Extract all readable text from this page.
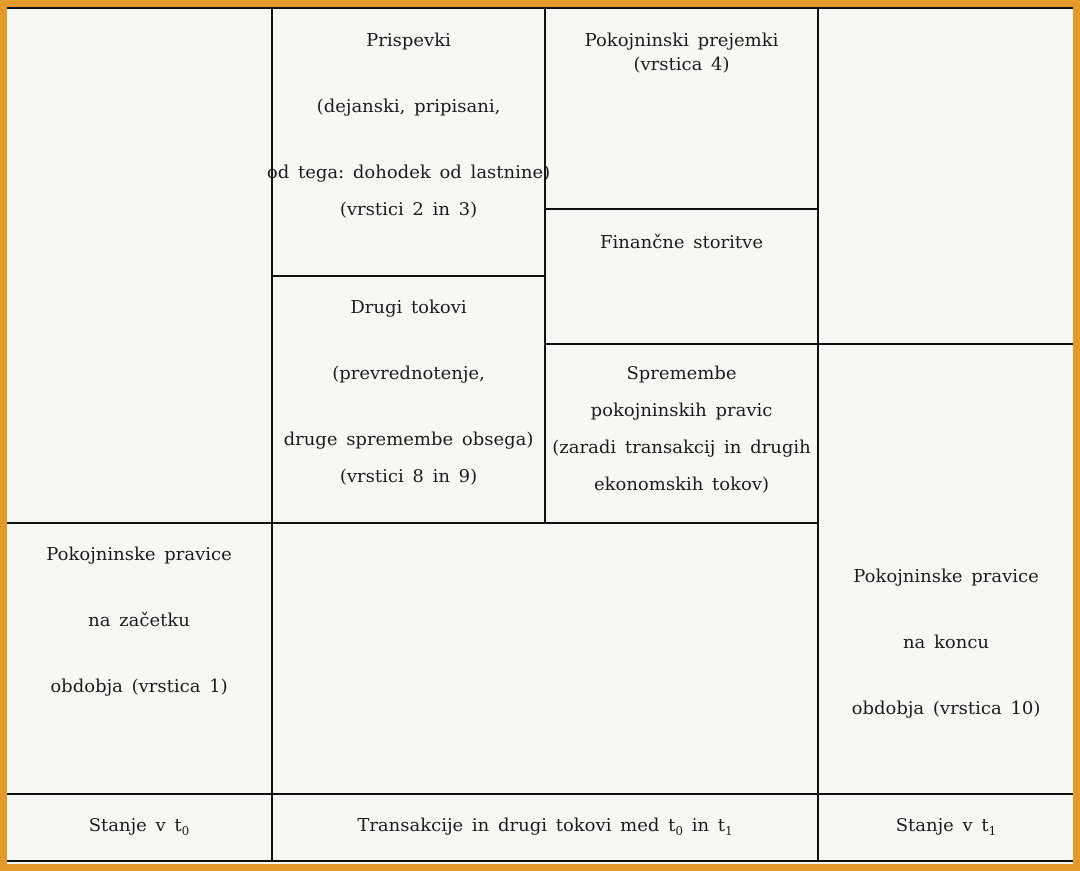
Prispevki
(dejanski, pripisani,
od tega: dohodek od lastnine)
(vrstici 2 in 3)
Pokojninski prejemki
(vrstica 4)
Finančne storitve
Drugi tokovi
(prevrednotenje,
druge spremembe obsega)
(vrstici 8 in 9)
Spremembe
pokojninskih pravic
(zaradi transakcij in drugih
ekonomskih tokov)
Pokojninske pravice
na začetku
obdobja (vrstica 1)
Pokojninske pravice
na koncu
obdobja (vrstica 10)
Stanje v $t_0$	Transakcije in drugi tokovi med $t_0$ in $t_1$	Stanje v $t_1$
